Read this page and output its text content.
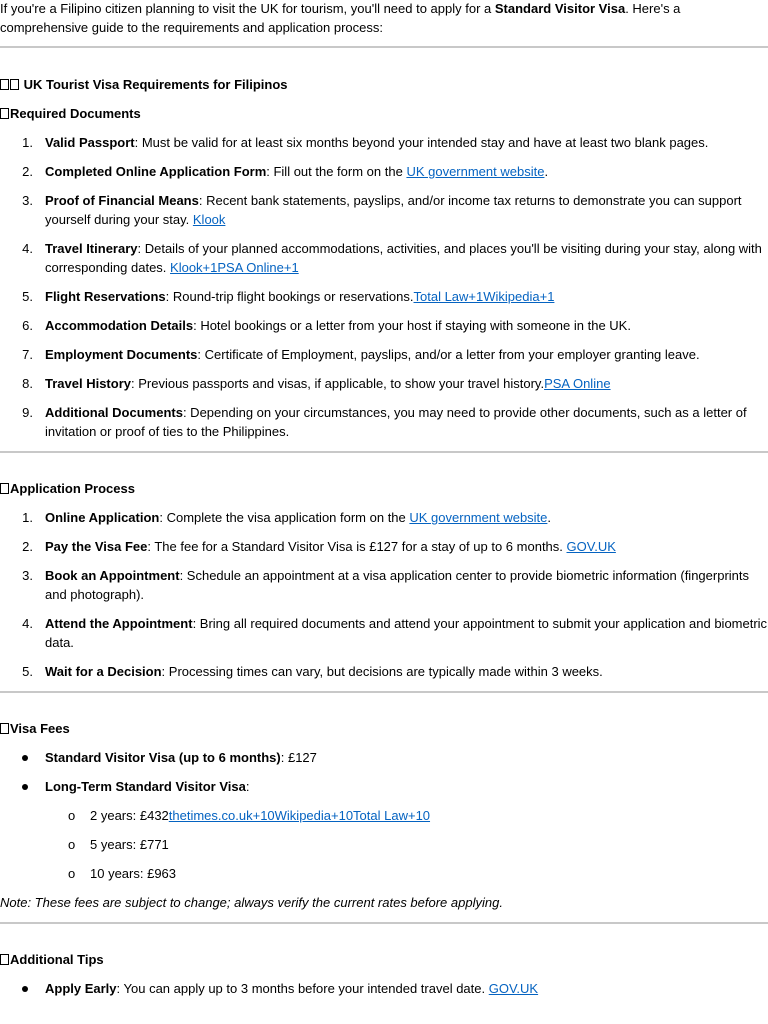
If you're a Filipino citizen planning to visit the UK for tourism, you'll need to apply for a Standard Visitor Visa. Here's a comprehensive guide to the requirements and application process:

UK Tourist Visa Requirements for Filipinos
Required Documents
1. Valid Passport: Must be valid for at least six months beyond your intended stay and have at least two blank pages.
2. Completed Online Application Form: Fill out the form on the UK government website.
3. Proof of Financial Means: Recent bank statements, payslips, and/or income tax returns to demonstrate you can support yourself during your stay. Klook
4. Travel Itinerary: Details of your planned accommodations, activities, and places you'll be visiting during your stay, along with corresponding dates. Klook+1PSA Online+1
5. Flight Reservations: Round-trip flight bookings or reservations.Total Law+1Wikipedia+1
6. Accommodation Details: Hotel bookings or a letter from your host if staying with someone in the UK.
7. Employment Documents: Certificate of Employment, payslips, and/or a letter from your employer granting leave.
8. Travel History: Previous passports and visas, if applicable, to show your travel history.PSA Online
9. Additional Documents: Depending on your circumstances, you may need to provide other documents, such as a letter of invitation or proof of ties to the Philippines.
Application Process
1. Online Application: Complete the visa application form on the UK government website.
2. Pay the Visa Fee: The fee for a Standard Visitor Visa is £127 for a stay of up to 6 months. GOV.UK
3. Book an Appointment: Schedule an appointment at a visa application center to provide biometric information (fingerprints and photograph).
4. Attend the Appointment: Bring all required documents and attend your appointment to submit your application and biometric data.
5. Wait for a Decision: Processing times can vary, but decisions are typically made within 3 weeks.
Visa Fees
Standard Visitor Visa (up to 6 months): £127
Long-Term Standard Visitor Visa:
o 2 years: £432thetimes.co.uk+10Wikipedia+10Total Law+10
o 5 years: £771
o 10 years: £963

Note: These fees are subject to change; always verify the current rates before applying.

Additional Tips
Apply Early: You can apply up to 3 months before your intended travel date. GOV.UK
